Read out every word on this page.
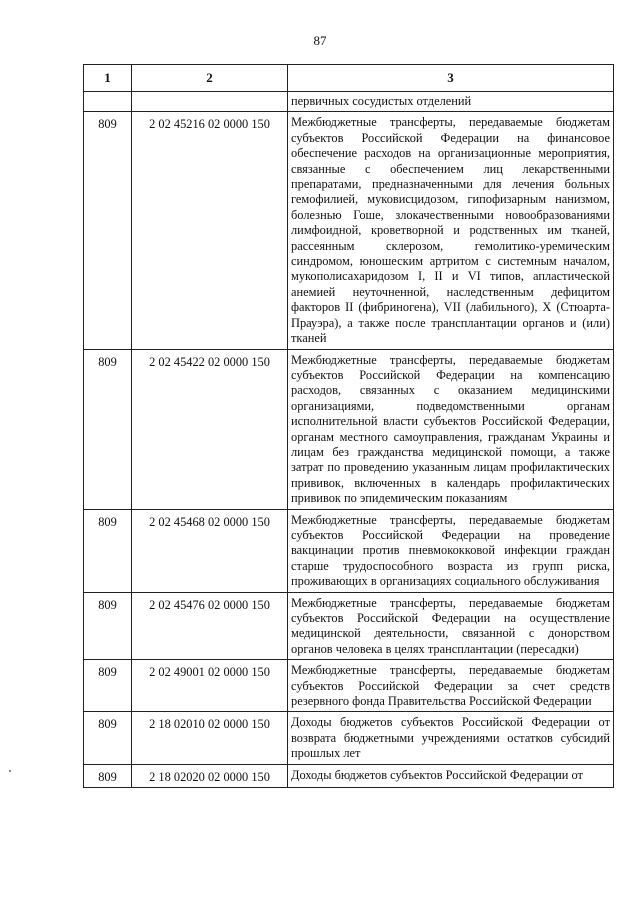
87
1	2	3
		первичных сосудистых отделений
809	2 02 45216 02 0000 150	Межбюджетные трансферты, передаваемые бюджетам субъектов Российской Федерации на финансовое обеспечение расходов на организационные мероприятия, связанные с обеспечением лиц лекарственными препаратами, предназначенными для лечения больных гемофилией, муковисцидозом, гипофизарным нанизмом, болезнью Гоше, злокачественными новообразованиями лимфоидной, кроветворной и родственных им тканей, рассеянным склерозом, гемолитико-уремическим синдромом, юношеским артритом с системным началом, мукополисахаридозом I, II и VI типов, апластической анемией неуточненной, наследственным дефицитом факторов II (фибриногена), VII (лабильного), X (Стюарта-Прауэра), а также после трансплантации органов и (или) тканей
809	2 02 45422 02 0000 150	Межбюджетные трансферты, передаваемые бюджетам субъектов Российской Федерации на компенсацию расходов, связанных с оказанием медицинскими организациями, подведомственными органам исполнительной власти субъектов Российской Федерации, органам местного самоуправления, гражданам Украины и лицам без гражданства медицинской помощи, а также затрат по проведению указанным лицам профилактических прививок, включенных в календарь профилактических прививок по эпидемическим показаниям
809	2 02 45468 02 0000 150	Межбюджетные трансферты, передаваемые бюджетам субъектов Российской Федерации на проведение вакцинации против пневмококковой инфекции граждан старше трудоспособного возраста из групп риска, проживающих в организациях социального обслуживания
809	2 02 45476 02 0000 150	Межбюджетные трансферты, передаваемые бюджетам субъектов Российской Федерации на осуществление медицинской деятельности, связанной с донорством органов человека в целях трансплантации (пересадки)
809	2 02 49001 02 0000 150	Межбюджетные трансферты, передаваемые бюджетам субъектов Российской Федерации за счет средств резервного фонда Правительства Российской Федерации
809	2 18 02010 02 0000 150	Доходы бюджетов субъектов Российской Федерации от возврата бюджетными учреждениями остатков субсидий прошлых лет
809	2 18 02020 02 0000 150	Доходы бюджетов субъектов Российской Федерации от
